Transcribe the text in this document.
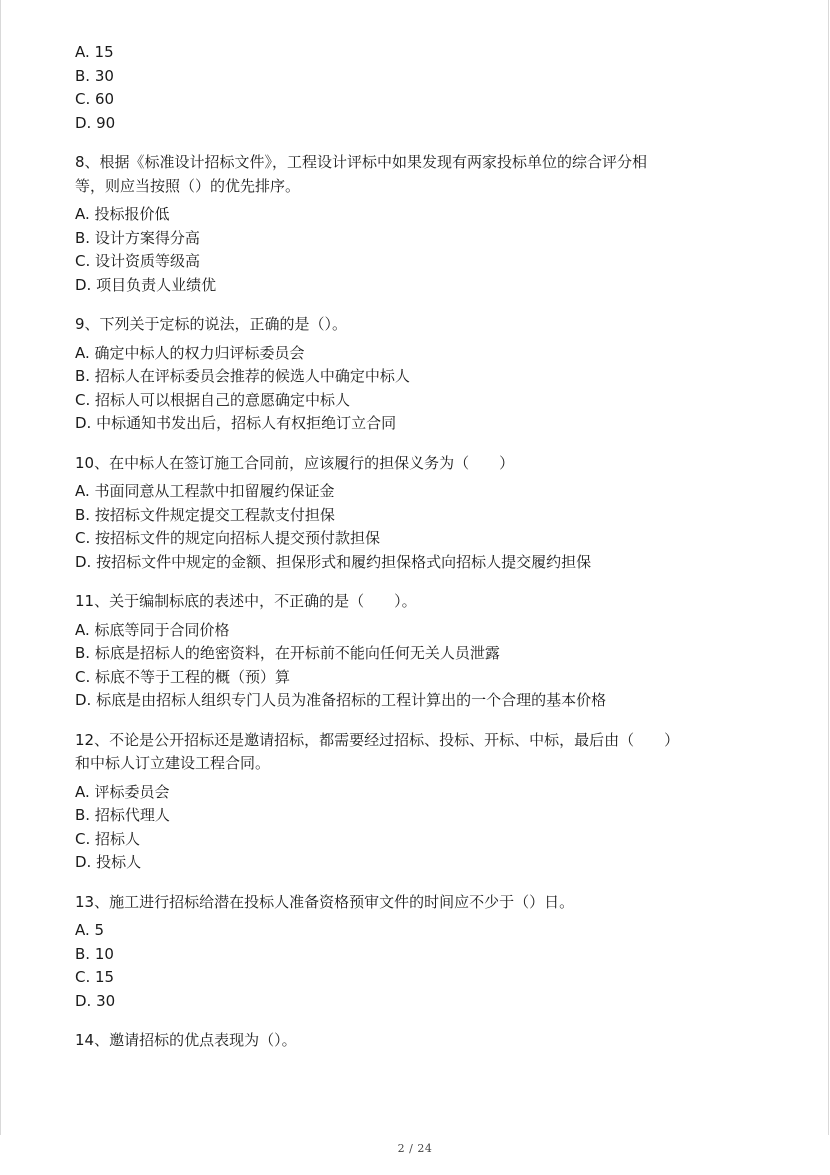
A. 15
B. 30
C. 60
D. 90
8、根据《标准设计招标文件》，工程设计评标中如果发现有两家投标单位的综合评分相
等，则应当按照（）的优先排序。
A. 投标报价低
B. 设计方案得分高
C. 设计资质等级高
D. 项目负责人业绩优
9、下列关于定标的说法，正确的是（）。
A. 确定中标人的权力归评标委员会
B. 招标人在评标委员会推荐的候选人中确定中标人
C. 招标人可以根据自己的意愿确定中标人
D. 中标通知书发出后，招标人有权拒绝订立合同
10、在中标人在签订施工合同前，应该履行的担保义务为（　　）
A. 书面同意从工程款中扣留履约保证金
B. 按招标文件规定提交工程款支付担保
C. 按招标文件的规定向招标人提交预付款担保
D. 按招标文件中规定的金额、担保形式和履约担保格式向招标人提交履约担保
11、关于编制标底的表述中，不正确的是（　　）。
A. 标底等同于合同价格
B. 标底是招标人的绝密资料，在开标前不能向任何无关人员泄露
C. 标底不等于工程的概（预）算
D. 标底是由招标人组织专门人员为准备招标的工程计算出的一个合理的基本价格
12、不论是公开招标还是邀请招标，都需要经过招标、投标、开标、中标，最后由（　　）
和中标人订立建设工程合同。
A. 评标委员会
B. 招标代理人
C. 招标人
D. 投标人
13、施工进行招标给潜在投标人准备资格预审文件的时间应不少于（）日。
A. 5
B. 10
C. 15
D. 30
14、邀请招标的优点表现为（）。
2 / 24
